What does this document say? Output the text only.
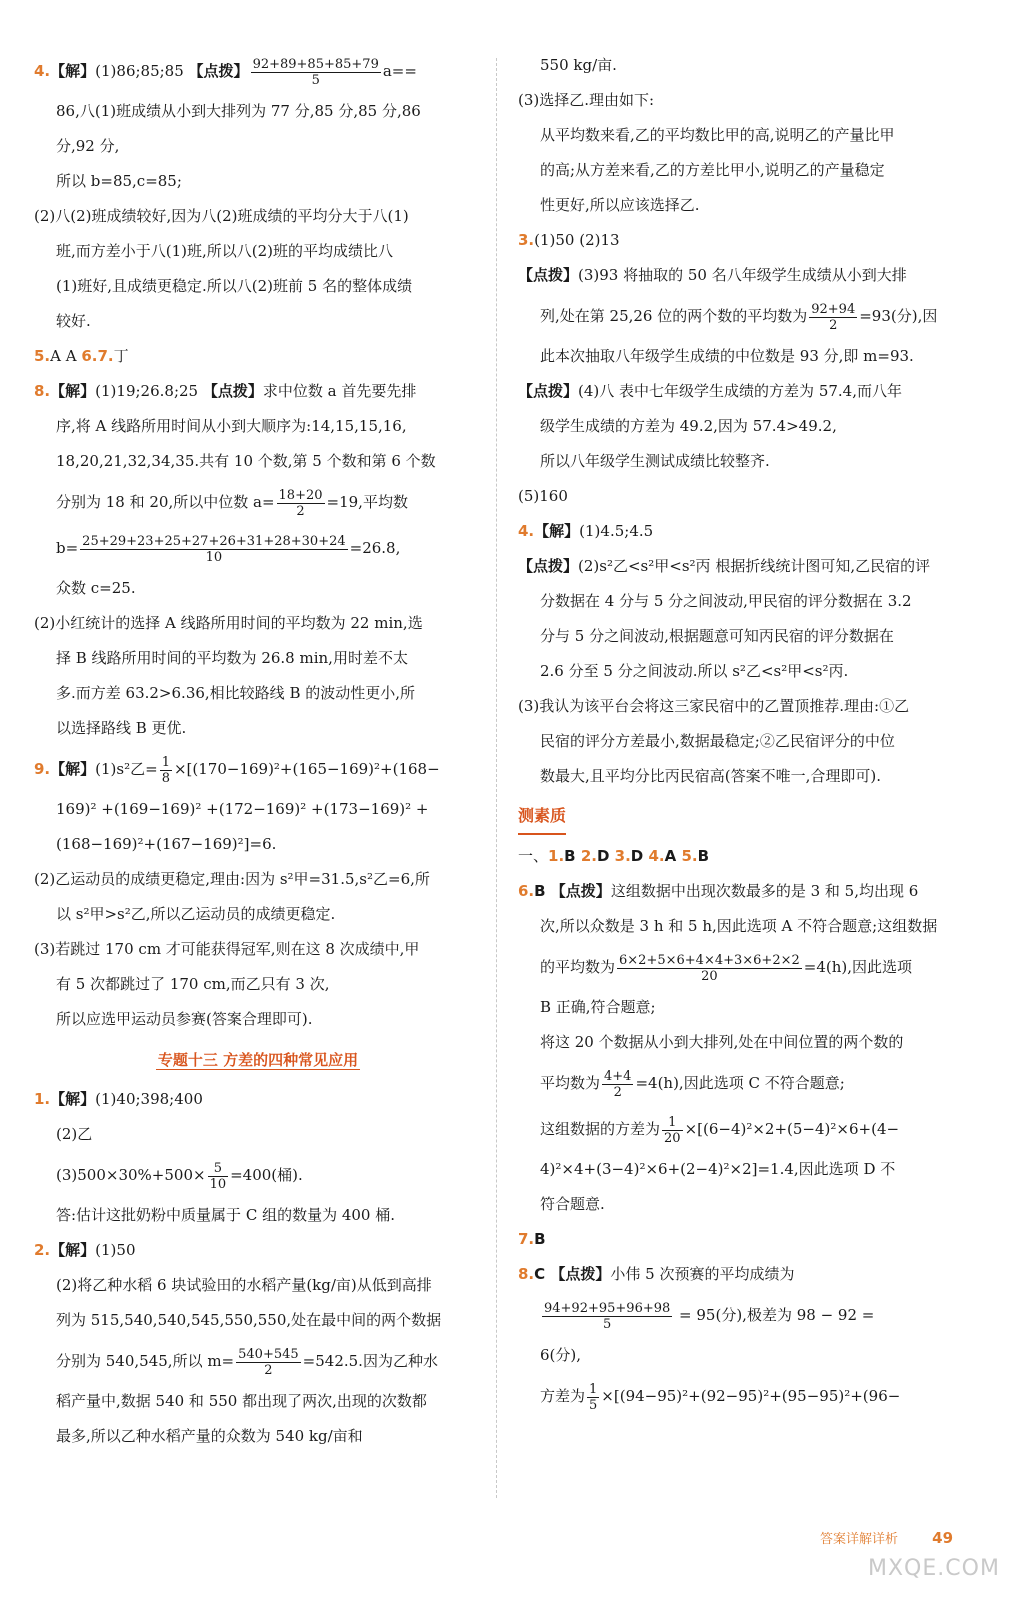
4.【解】(1)86;85;85 【点拨】 $\frac{92+89+85+85+79}{5} a==$
86,八(1)班成绩从小到大排列为 77 分,85 分,85 分,86
分,92 分,
所以 b=85,c=85;
(2)八(2)班成绩较好,因为八(2)班成绩的平均分大于八(1)
班,而方差小于八(1)班,所以八(2)班的平均成绩比八
(1)班好,且成绩更稳定.所以八(2)班前 5 名的整体成绩
较好.
5.A A 6.7.丁
8.【解】(1)19;26.8;25 【点拨】求中位数 a 首先要先排
序,将 A 线路所用时间从小到大顺序为:14,15,15,16,
18,20,21,32,34,35.共有 10 个数,第 5 个数和第 6 个数
分别为 18 和 20,所以中位数 $a= \frac{18+20}{2} =19$,平均数
$b= \frac{25+29+23+25+27+26+31+28+30+24}{10} =26.8$,
众数 c=25.
(2)小红统计的选择 A 线路所用时间的平均数为 22 min,选
择 B 线路所用时间的平均数为 26.8 min,用时差不太
多.而方差 63.2>6.36,相比较路线 B 的波动性更小,所
以选择路线 B 更优.
9.【解】(1)s²乙= $\frac{1}{8} \times[(170-169)^2+(165-169)^2+(168-$
169)² +(169−169)² +(172−169)² +(173−169)² +
(168−169)²+(167−169)²]=6.
(2)乙运动员的成绩更稳定,理由:因为 s²甲=31.5,s²乙=6,所
以 s²甲>s²乙,所以乙运动员的成绩更稳定.
(3)若跳过 170 cm 才可能获得冠军,则在这 8 次成绩中,甲
有 5 次都跳过了 170 cm,而乙只有 3 次,
所以应选甲运动员参赛(答案合理即可).
专题十三 方差的四种常见应用
1.【解】(1)40;398;400
(2)乙
$(3)500\times 30\%+500\times \frac{5}{10} =400$(桶).
答:估计这批奶粉中质量属于 C 组的数量为 400 桶.
2.【解】(1)50
(2)将乙种水稻 6 块试验田的水稻产量(kg/亩)从低到高排
列为 515,540,540,545,550,550,处在最中间的两个数据
分别为 540,545,所以 $m= \frac{540+545}{2} =542.5$.因为乙种水
稻产量中,数据 540 和 550 都出现了两次,出现的次数都
最多,所以乙种水稻产量的众数为 540 kg/亩和
550 kg/亩.
(3)选择乙.理由如下:
从平均数来看,乙的平均数比甲的高,说明乙的产量比甲
的高;从方差来看,乙的方差比甲小,说明乙的产量稳定
性更好,所以应该选择乙.
3.(1)50 (2)13
【点拨】(3)93 将抽取的 50 名八年级学生成绩从小到大排
列,处在第 25,26 位的两个数的平均数为 $\frac{92+94}{2} =93$(分),因
此本次抽取八年级学生成绩的中位数是 93 分,即 m=93.
【点拨】(4)八 表中七年级学生成绩的方差为 57.4,而八年
级学生成绩的方差为 49.2,因为 57.4>49.2,
所以八年级学生测试成绩比较整齐.
(5)160
4.【解】(1)4.5;4.5
【点拨】(2)s²乙<s²甲<s²丙 根据折线统计图可知,乙民宿的评
分数据在 4 分与 5 分之间波动,甲民宿的评分数据在 3.2
分与 5 分之间波动,根据题意可知丙民宿的评分数据在
2.6 分至 5 分之间波动.所以 s²乙<s²甲<s²丙.
(3)我认为该平台会将这三家民宿中的乙置顶推荐.理由:①乙
民宿的评分方差最小,数据最稳定;②乙民宿评分的中位
数最大,且平均分比丙民宿高(答案不唯一,合理即可).
测素质
一、1.B 2.D 3.D 4.A 5.B
6.B 【点拨】这组数据中出现次数最多的是 3 和 5,均出现 6
次,所以众数是 3 h 和 5 h,因此选项 A 不符合题意;这组数据
的平均数为 $\frac{6\times 2+5\times 6+4\times 4+3\times 6+2\times 2}{20} =4(h)$,因此选项
B 正确,符合题意;
将这 20 个数据从小到大排列,处在中间位置的两个数的
平均数为 $\frac{4+4}{2} =4(h)$,因此选项 C 不符合题意;
这组数据的方差为 $\frac{1}{20} \times[(6-4)^2\times 2+(5-4)^2\times 6+(4-$
4)²×4+(3−4)²×6+(2−4)²×2]=1.4,因此选项 D 不
符合题意.
7.B
8.C 【点拨】小伟 5 次预赛的平均成绩为
$\frac{94+92+95+96+98}{5} = 95$(分),极差为 98 − 92 =
6(分),
方差为 $\frac{1}{5} \times[(94-95)^2+(92-95)^2+(95-95)^2+(96-$
答案详解详析 49
MXQE.COM
